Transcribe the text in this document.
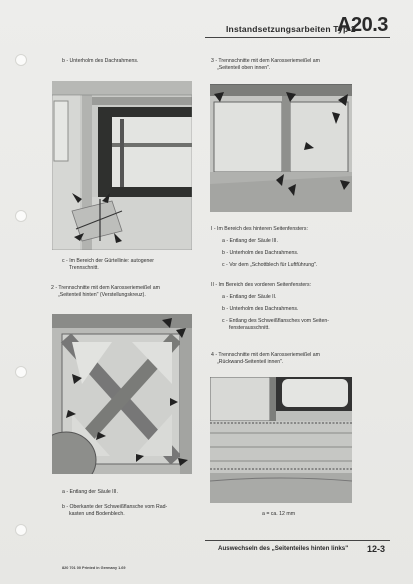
Instandsetzungsarbeiten Typ 2
A20.3
b - Unterholm des Dachrahmens.	3 - Trennschnitte mit dem Karosseriemeißel am
„Seitenteil oben innen".
c - Im Bereich der Gürtellinie: autogener
Trennschnitt.
2 - Trennschnitte mit dem Karosseriemeißel am
„Seitenteil hinten" (Verstellungskreuz).
I - Im Bereich des hinteren Seitenfensters:
a - Entlang der Säule III.
b - Unterholm des Dachrahmens.
c - Vor dem „Schottblech für Luftführung".
II - Im Bereich des vorderen Seitenfensters:
a - Entlang der Säule II.
b - Unterholm des Dachrahmens.
c - Entlang des Schweißflansches vom Seiten-
fensterausschnitt.
4 - Trennschnitte mit dem Karosseriemeißel am
„Rückwand-Seitenteil innen".
a - Entlang der Säule III.
b - Oberkante der Schweißflansche vom Rad-
kasten und Bodenblech.	a = ca. 12 mm
Auswechseln des „Seitenteiles hinten links" 12-3
820 701 00 Printed in Germany 1.69
